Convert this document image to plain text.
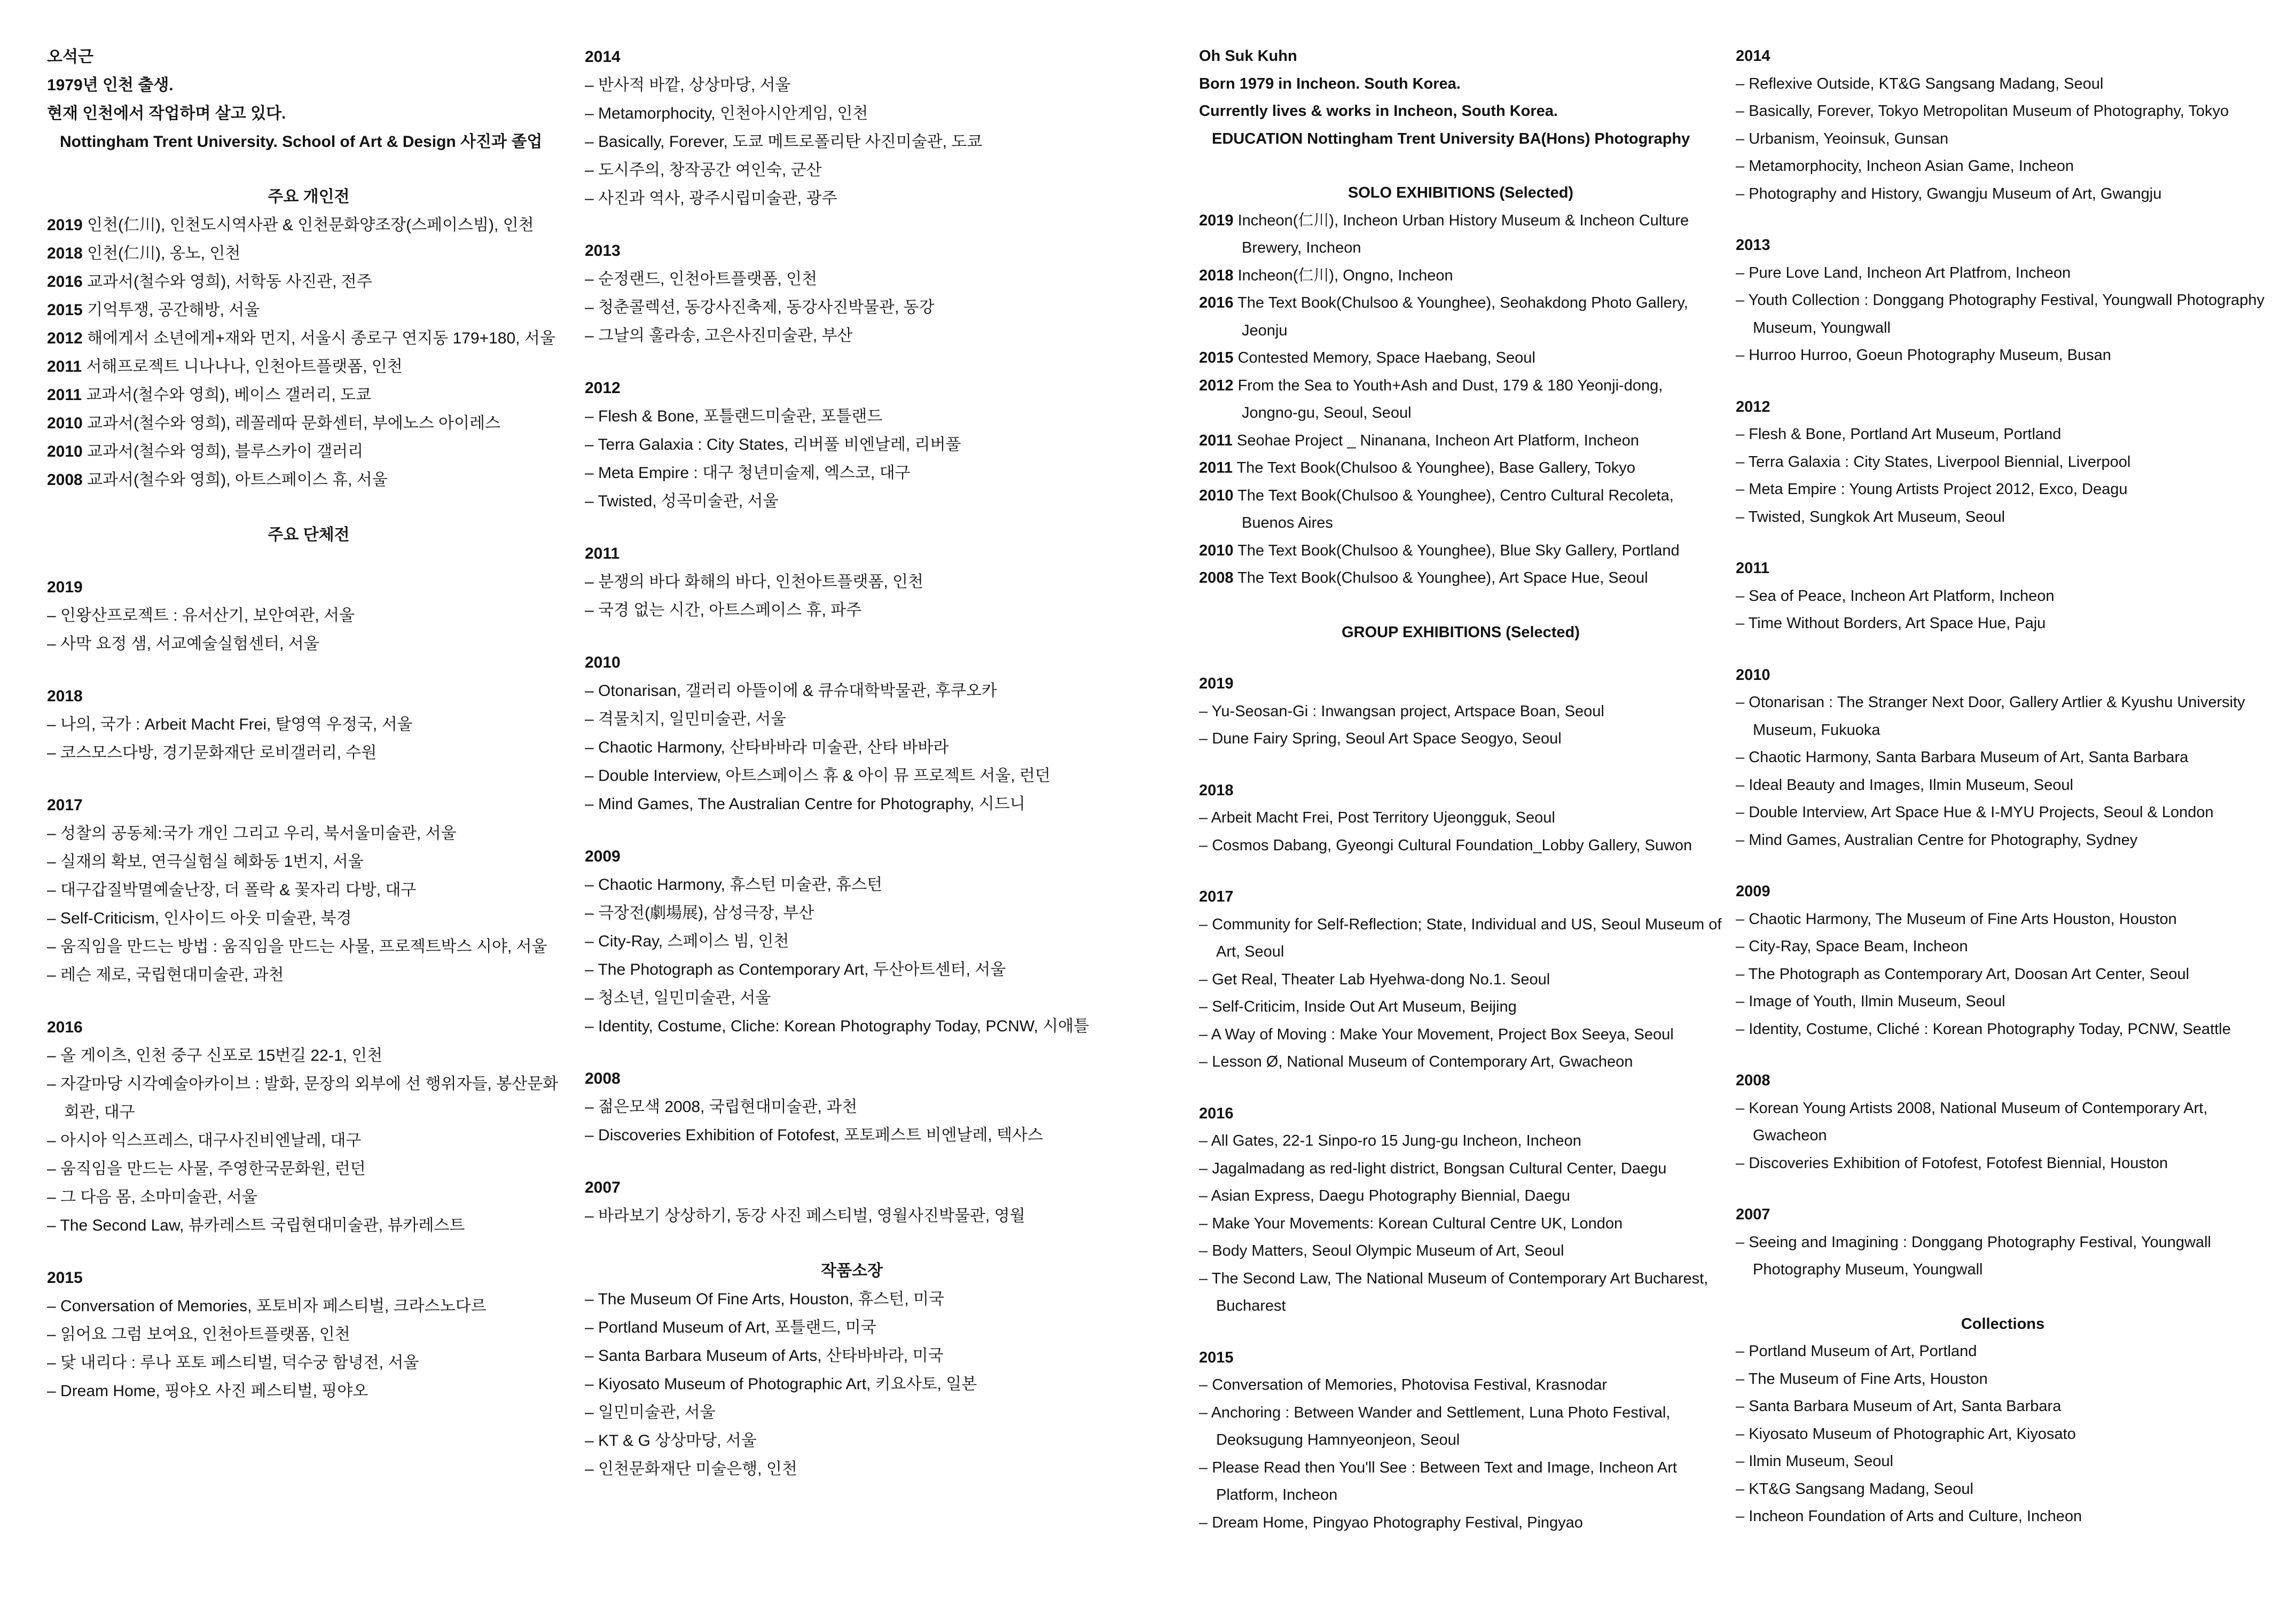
오석근

1979년 인천 출생.

현재 인천에서 작업하며 살고 있다.

Nottingham Trent University. School of Art & Design 사진과 졸업

주요 개인전

2019 인천(仁川), 인천도시역사관 & 인천문화양조장(스페이스빔), 인천

2018 인천(仁川), 옹노, 인천

2016 교과서(철수와 영희), 서학동 사진관, 전주

2015 기억투쟁, 공간해방, 서울

2012 해에게서 소년에게+재와 먼지, 서울시 종로구 연지동 179+180, 서울

2011 서해프로젝트 니나나나, 인천아트플랫폼, 인천

2011 교과서(철수와 영희), 베이스 갤러리, 도쿄

2010 교과서(철수와 영희), 레꼴레따 문화센터, 부에노스 아이레스

2010 교과서(철수와 영희), 블루스카이 갤러리

2008 교과서(철수와 영희), 아트스페이스 휴, 서울

주요 단체전

2019

– 인왕산프로젝트 : 유서산기, 보안여관, 서울

– 사막 요정 샘, 서교예술실험센터, 서울

2018

– 나의, 국가 : Arbeit Macht Frei, 탈영역 우정국, 서울

– 코스모스다방, 경기문화재단 로비갤러리, 수원

2017

– 성찰의 공동체:국가 개인 그리고 우리, 북서울미술관, 서울

– 실재의 확보, 연극실험실 혜화동 1번지, 서울

– 대구갑질박멸예술난장, 더 폴락 & 꽃자리 다방, 대구

– Self-Criticism, 인사이드 아웃 미술관, 북경

– 움직임을 만드는 방법 : 움직임을 만드는 사물, 프로젝트박스 시야, 서울

– 레슨 제로, 국립현대미술관, 과천

2016

– 올 게이츠, 인천 중구 신포로 15번길 22-1, 인천

– 자갈마당 시각예술아카이브 : 발화, 문장의 외부에 선 행위자들, 봉산문화회관, 대구

– 아시아 익스프레스, 대구사진비엔날레, 대구

– 움직임을 만드는 사물, 주영한국문화원, 런던

– 그 다음 몸, 소마미술관, 서울

– The Second Law, 뷰카레스트 국립현대미술관, 뷰카레스트

2015

– Conversation of Memories, 포토비자 페스티벌, 크라스노다르

– 읽어요 그럼 보여요, 인천아트플랫폼, 인천

– 닻 내리다 : 루나 포토 페스티벌, 덕수궁 함녕전, 서울

– Dream Home, 핑야오 사진 페스티벌, 핑야오

2014

– 반사적 바깥, 상상마당, 서울

– Metamorphocity, 인천아시안게임, 인천

– Basically, Forever, 도쿄 메트로폴리탄 사진미술관, 도쿄

– 도시주의, 창작공간 여인숙, 군산

– 사진과 역사, 광주시립미술관, 광주

2013

– 순정랜드, 인천아트플랫폼, 인천

– 청춘콜렉션, 동강사진축제, 동강사진박물관, 동강

– 그날의 훌라송, 고은사진미술관, 부산

2012

– Flesh & Bone, 포틀랜드미술관, 포틀랜드

– Terra Galaxia : City States, 리버풀 비엔날레, 리버풀

– Meta Empire : 대구 청년미술제, 엑스코, 대구

– Twisted, 성곡미술관, 서울

2011

– 분쟁의 바다 화해의 바다, 인천아트플랫폼, 인천

– 국경 없는 시간, 아트스페이스 휴, 파주

2010

– Otonarisan, 갤러리 아뜰이에 & 큐슈대학박물관, 후쿠오카

– 격물치지, 일민미술관, 서울

– Chaotic Harmony, 산타바바라 미술관, 산타 바바라

– Double Interview, 아트스페이스 휴 & 아이 뮤 프로젝트 서울, 런던

– Mind Games, The Australian Centre for Photography, 시드니

2009

– Chaotic Harmony, 휴스턴 미술관, 휴스턴

– 극장전(劇場展), 삼성극장, 부산

– City-Ray, 스페이스 빔, 인천

– The Photograph as Contemporary Art, 두산아트센터, 서울

– 청소년, 일민미술관, 서울

– Identity, Costume, Cliche: Korean Photography Today, PCNW, 시애틀

2008

– 젊은모색 2008, 국립현대미술관, 과천

– Discoveries Exhibition of Fotofest, 포토페스트 비엔날레, 텍사스

2007

– 바라보기 상상하기, 동강 사진 페스티벌, 영월사진박물관, 영월

작품소장

– The Museum Of Fine Arts, Houston, 휴스턴, 미국

– Portland Museum of Art, 포틀랜드, 미국

– Santa Barbara Museum of Arts, 산타바바라, 미국

– Kiyosato Museum of Photographic Art, 키요사토, 일본

– 일민미술관, 서울

– KT & G 상상마당, 서울

– 인천문화재단 미술은행, 인천

Oh Suk Kuhn

Born 1979 in Incheon. South Korea.

Currently lives & works in Incheon, South Korea.

EDUCATION Nottingham Trent University BA(Hons) Photography

SOLO EXHIBITIONS (Selected)

2019 Incheon(仁川), Incheon Urban History Museum & Incheon Culture Brewery, Incheon

2018 Incheon(仁川), Ongno, Incheon

2016 The Text Book(Chulsoo & Younghee), Seohakdong Photo Gallery, Jeonju

2015 Contested Memory, Space Haebang, Seoul

2012 From the Sea to Youth+Ash and Dust, 179 & 180 Yeonji-dong, Jongno-gu, Seoul, Seoul

2011 Seohae Project _ Ninanana, Incheon Art Platform, Incheon

2011 The Text Book(Chulsoo & Younghee), Base Gallery, Tokyo

2010 The Text Book(Chulsoo & Younghee), Centro Cultural Recoleta, Buenos Aires

2010 The Text Book(Chulsoo & Younghee), Blue Sky Gallery, Portland

2008 The Text Book(Chulsoo & Younghee), Art Space Hue, Seoul

GROUP EXHIBITIONS (Selected)

2019

– Yu-Seosan-Gi : Inwangsan project, Artspace Boan, Seoul

– Dune Fairy Spring, Seoul Art Space Seogyo, Seoul

2018

– Arbeit Macht Frei, Post Territory Ujeongguk, Seoul

– Cosmos Dabang, Gyeongi Cultural Foundation_Lobby Gallery, Suwon

2017

– Community for Self-Reflection; State, Individual and US, Seoul Museum of Art, Seoul

– Get Real, Theater Lab Hyehwa-dong No.1. Seoul

– Self-Criticim, Inside Out Art Museum, Beijing

– A Way of Moving : Make Your Movement, Project Box Seeya, Seoul

– Lesson Ø, National Museum of Contemporary Art, Gwacheon

2016

– All Gates, 22-1 Sinpo-ro 15 Jung-gu Incheon, Incheon

– Jagalmadang as red-light district, Bongsan Cultural Center, Daegu

– Asian Express, Daegu Photography Biennial, Daegu

– Make Your Movements: Korean Cultural Centre UK, London

– Body Matters, Seoul Olympic Museum of Art, Seoul

– The Second Law, The National Museum of Contemporary Art Bucharest, Bucharest

2015

– Conversation of Memories, Photovisa Festival, Krasnodar

– Anchoring : Between Wander and Settlement, Luna Photo Festival, Deoksugung Hamnyeonjeon, Seoul

– Please Read then You'll See : Between Text and Image, Incheon Art Platform, Incheon

– Dream Home, Pingyao Photography Festival, Pingyao

2014

– Reflexive Outside, KT&G Sangsang Madang, Seoul

– Basically, Forever, Tokyo Metropolitan Museum of Photography, Tokyo

– Urbanism, Yeoinsuk, Gunsan

– Metamorphocity, Incheon Asian Game, Incheon

– Photography and History, Gwangju Museum of Art, Gwangju

2013

– Pure Love Land, Incheon Art Platfrom, Incheon

– Youth Collection : Donggang Photography Festival, Youngwall Photography Museum, Youngwall

– Hurroo Hurroo, Goeun Photography Museum, Busan

2012

– Flesh & Bone, Portland Art Museum, Portland

– Terra Galaxia : City States, Liverpool Biennial, Liverpool

– Meta Empire : Young Artists Project 2012, Exco, Deagu

– Twisted, Sungkok Art Museum, Seoul

2011

– Sea of Peace, Incheon Art Platform, Incheon

– Time Without Borders, Art Space Hue, Paju

2010

– Otonarisan : The Stranger Next Door, Gallery Artlier & Kyushu University Museum, Fukuoka

– Chaotic Harmony, Santa Barbara Museum of Art, Santa Barbara

– Ideal Beauty and Images, Ilmin Museum, Seoul

– Double Interview, Art Space Hue & I-MYU Projects, Seoul & London

– Mind Games, Australian Centre for Photography, Sydney

2009

– Chaotic Harmony, The Museum of Fine Arts Houston, Houston

– City-Ray, Space Beam, Incheon

– The Photograph as Contemporary Art, Doosan Art Center, Seoul

– Image of Youth, Ilmin Museum, Seoul

– Identity, Costume, Cliché : Korean Photography Today, PCNW, Seattle

2008

– Korean Young Artists 2008, National Museum of Contemporary Art, Gwacheon

– Discoveries Exhibition of Fotofest, Fotofest Biennial, Houston

2007

– Seeing and Imagining : Donggang Photography Festival, Youngwall Photography Museum, Youngwall

Collections

– Portland Museum of Art, Portland

– The Museum of Fine Arts, Houston

– Santa Barbara Museum of Art, Santa Barbara

– Kiyosato Museum of Photographic Art, Kiyosato

– Ilmin Museum, Seoul

– KT&G Sangsang Madang, Seoul

– Incheon Foundation of Arts and Culture, Incheon
